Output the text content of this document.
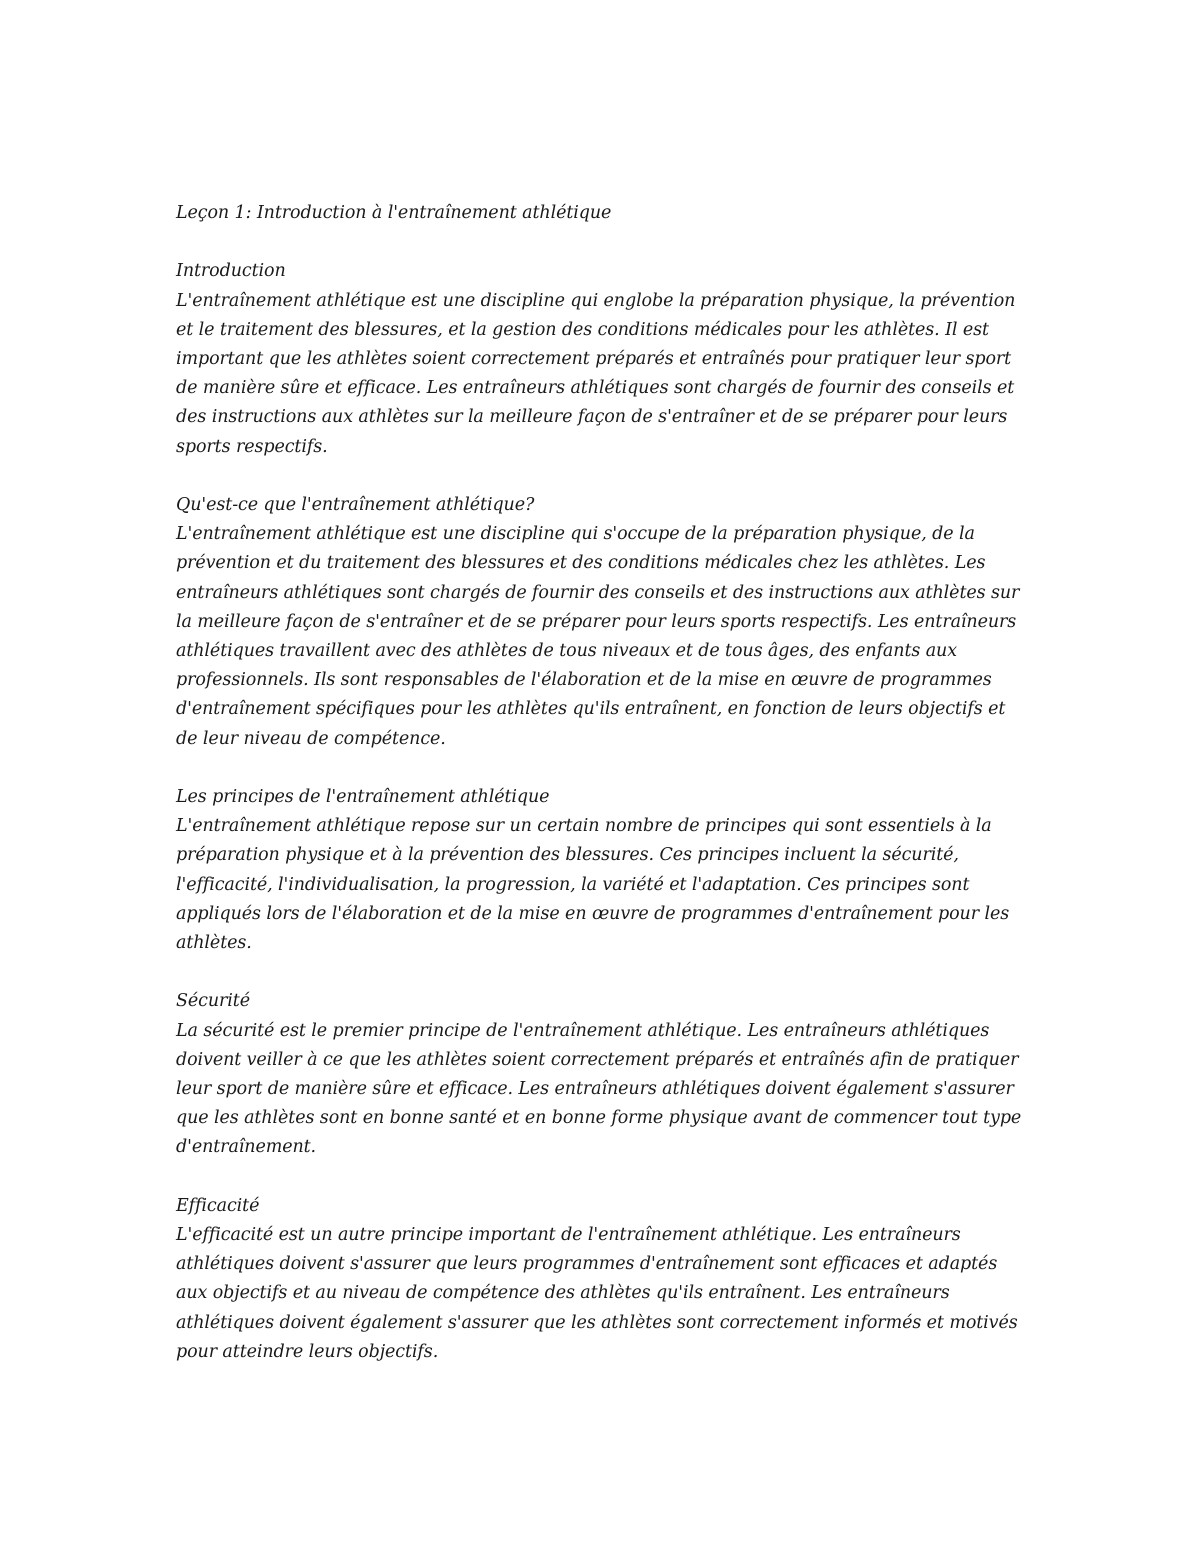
Leçon 1: Introduction à l'entraînement athlétique

Introduction
L'entraînement athlétique est une discipline qui englobe la préparation physique, la prévention et le traitement des blessures, et la gestion des conditions médicales pour les athlètes. Il est important que les athlètes soient correctement préparés et entraînés pour pratiquer leur sport de manière sûre et efficace. Les entraîneurs athlétiques sont chargés de fournir des conseils et des instructions aux athlètes sur la meilleure façon de s'entraîner et de se préparer pour leurs sports respectifs.
Qu'est-ce que l'entraînement athlétique?
L'entraînement athlétique est une discipline qui s'occupe de la préparation physique, de la prévention et du traitement des blessures et des conditions médicales chez les athlètes. Les entraîneurs athlétiques sont chargés de fournir des conseils et des instructions aux athlètes sur la meilleure façon de s'entraîner et de se préparer pour leurs sports respectifs. Les entraîneurs athlétiques travaillent avec des athlètes de tous niveaux et de tous âges, des enfants aux professionnels. Ils sont responsables de l'élaboration et de la mise en œuvre de programmes d'entraînement spécifiques pour les athlètes qu'ils entraînent, en fonction de leurs objectifs et de leur niveau de compétence.
Les principes de l'entraînement athlétique
L'entraînement athlétique repose sur un certain nombre de principes qui sont essentiels à la préparation physique et à la prévention des blessures. Ces principes incluent la sécurité, l'efficacité, l'individualisation, la progression, la variété et l'adaptation. Ces principes sont appliqués lors de l'élaboration et de la mise en œuvre de programmes d'entraînement pour les athlètes.
Sécurité
La sécurité est le premier principe de l'entraînement athlétique. Les entraîneurs athlétiques doivent veiller à ce que les athlètes soient correctement préparés et entraînés afin de pratiquer leur sport de manière sûre et efficace. Les entraîneurs athlétiques doivent également s'assurer que les athlètes sont en bonne santé et en bonne forme physique avant de commencer tout type d'entraînement.
Efficacité
L'efficacité est un autre principe important de l'entraînement athlétique. Les entraîneurs athlétiques doivent s'assurer que leurs programmes d'entraînement sont efficaces et adaptés aux objectifs et au niveau de compétence des athlètes qu'ils entraînent. Les entraîneurs athlétiques doivent également s'assurer que les athlètes sont correctement informés et motivés pour atteindre leurs objectifs.
